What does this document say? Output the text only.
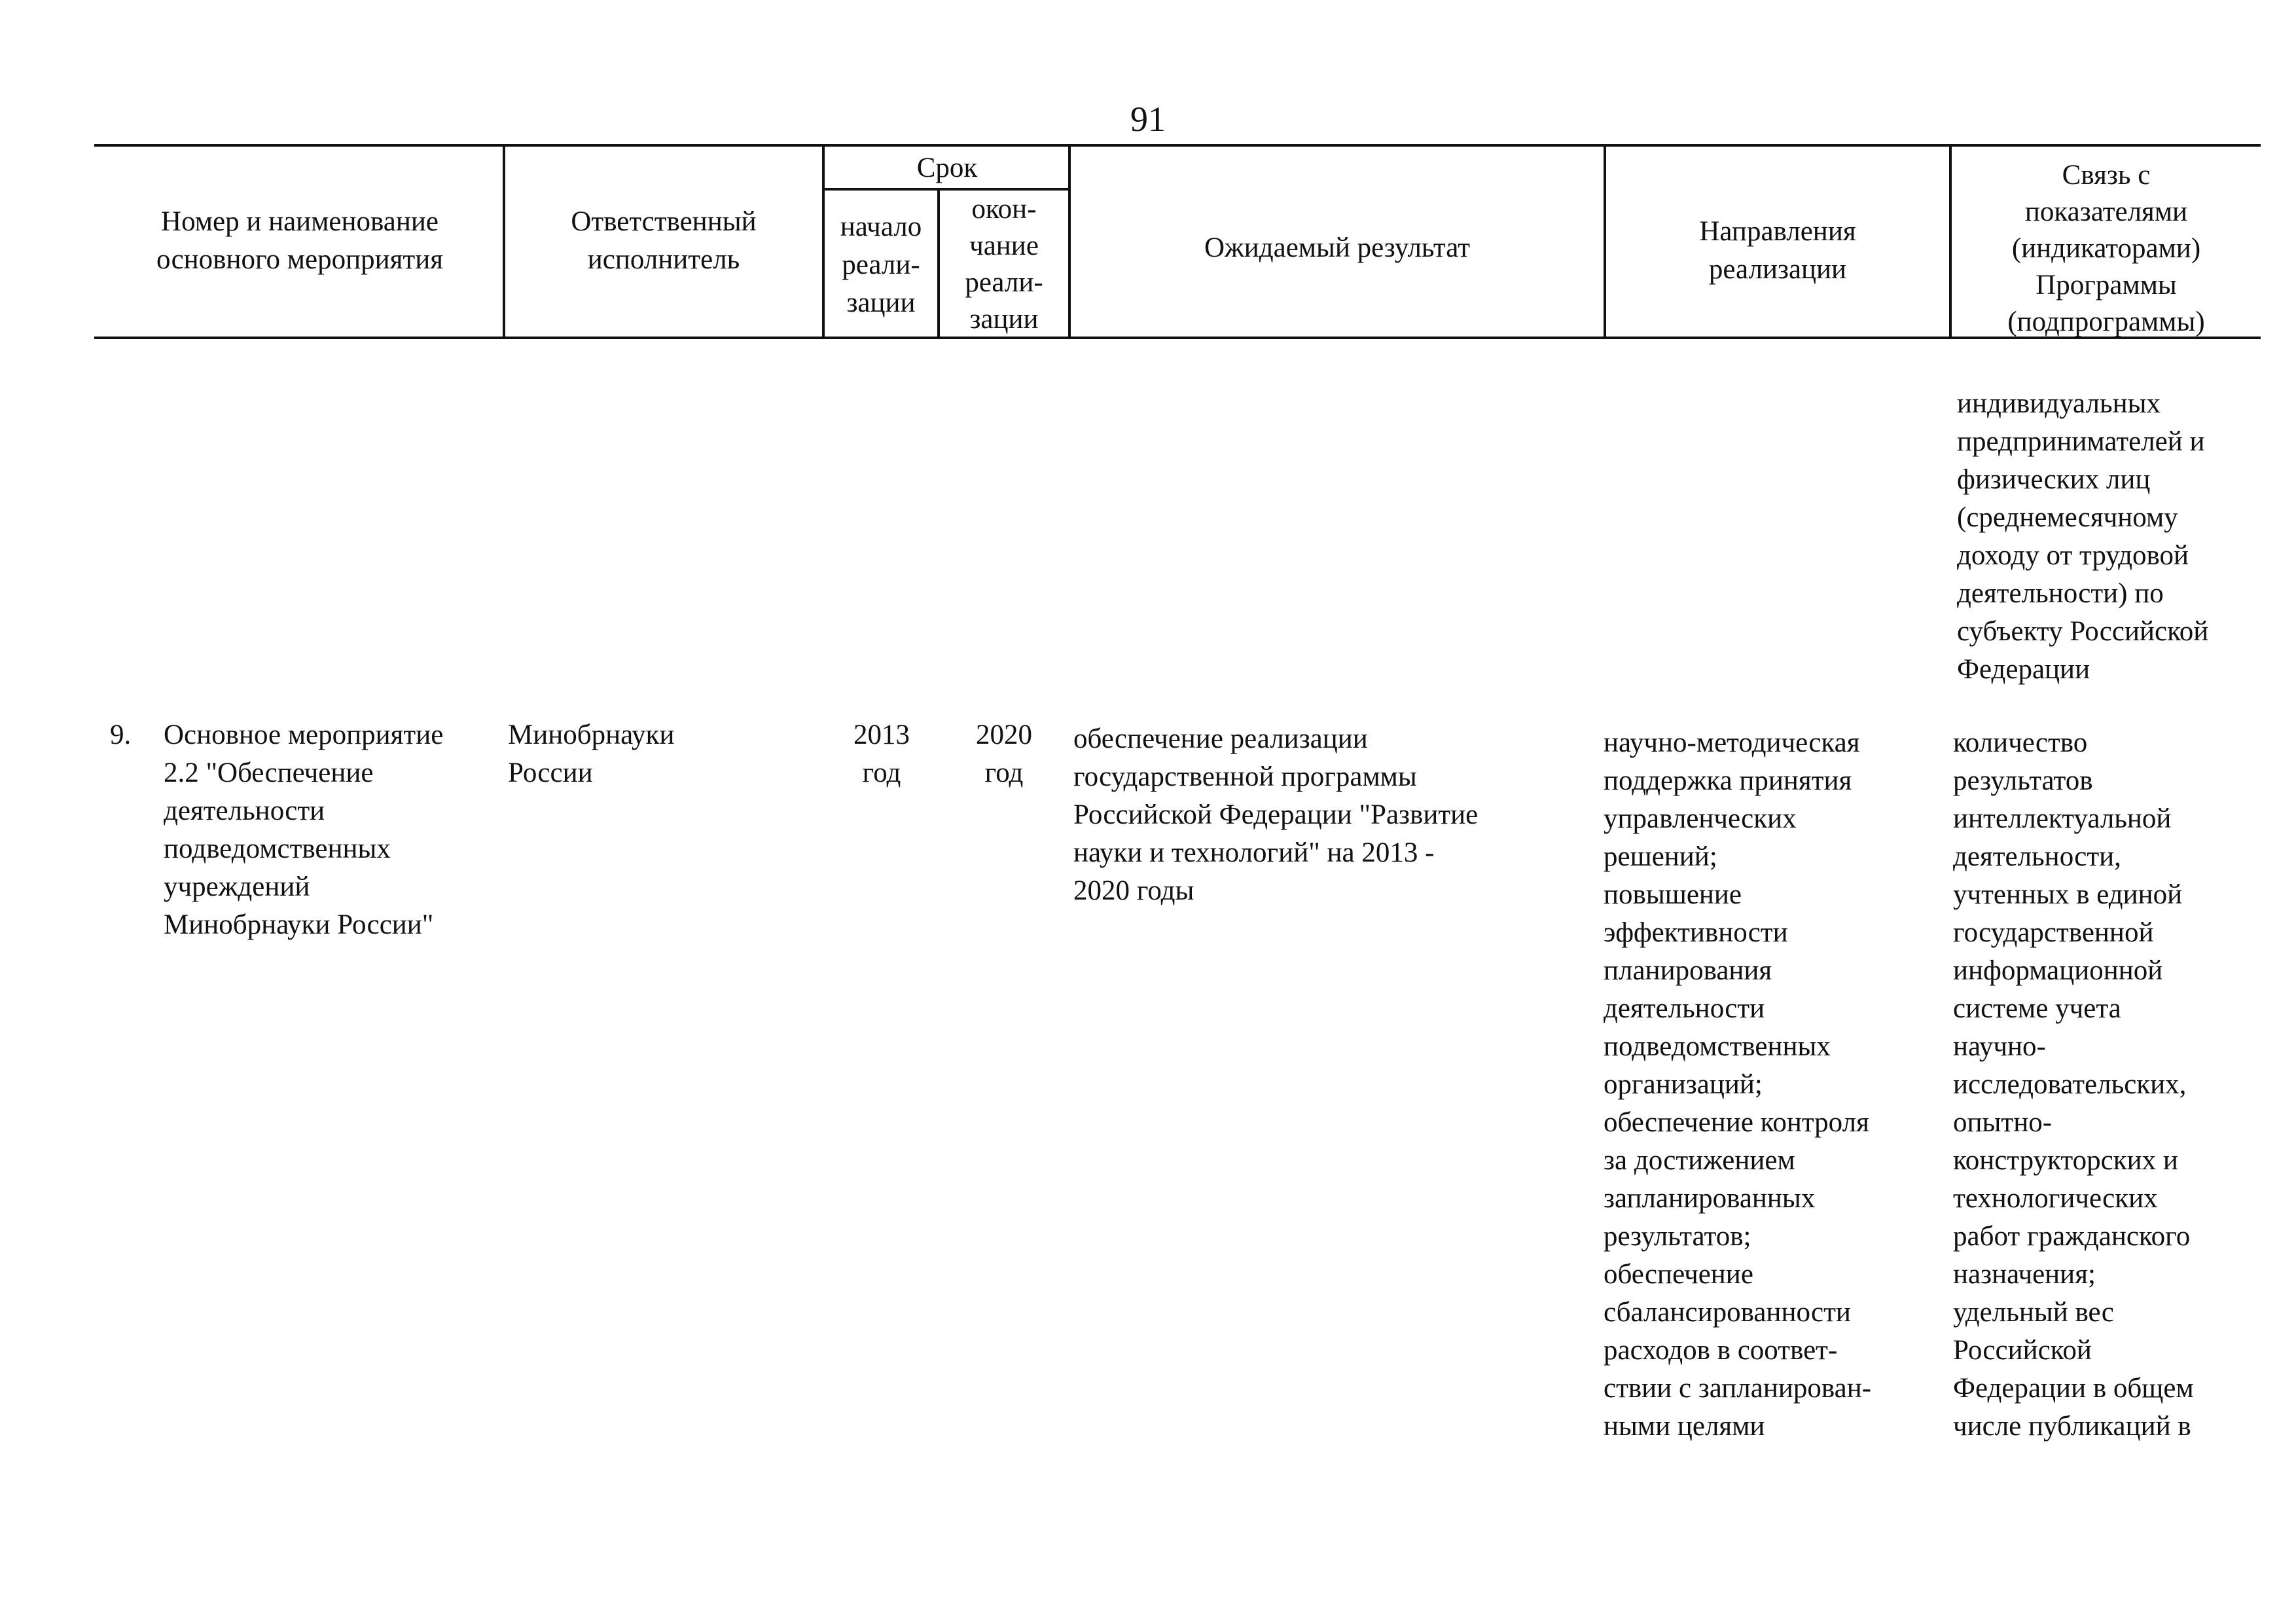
91
Номер и наименование
основного мероприятия
Ответственный
исполнитель
Срок
начало
реали-
зации
окон-
чание
реали-
зации
Ожидаемый результат
Направления
реализации
Связь с
показателями
(индикаторами)
Программы
(подпрограммы)
индивидуальных
предпринимателей и
физических лиц
(среднемесячному
доходу от трудовой
деятельности) по
субъекту Российской
Федерации
9.	Основное мероприятие
2.2 "Обеспечение
деятельности
подведомственных
учреждений
Минобрнауки России"
Минобрнауки
России
2013
год
2020
год
обеспечение реализации
государственной программы
Российской Федерации "Развитие
науки и технологий" на 2013 -
2020 годы
научно-методическая
поддержка принятия
управленческих
решений;
повышение
эффективности
планирования
деятельности
подведомственных
организаций;
обеспечение контроля
за достижением
запланированных
результатов;
обеспечение
сбалансированности
расходов в соответ-
ствии с запланирован-
ными целями
количество
результатов
интеллектуальной
деятельности,
учтенных в единой
государственной
информационной
системе учета
научно-
исследовательских,
опытно-
конструкторских и
технологических
работ гражданского
назначения;
удельный вес
Российской
Федерации в общем
числе публикаций в
